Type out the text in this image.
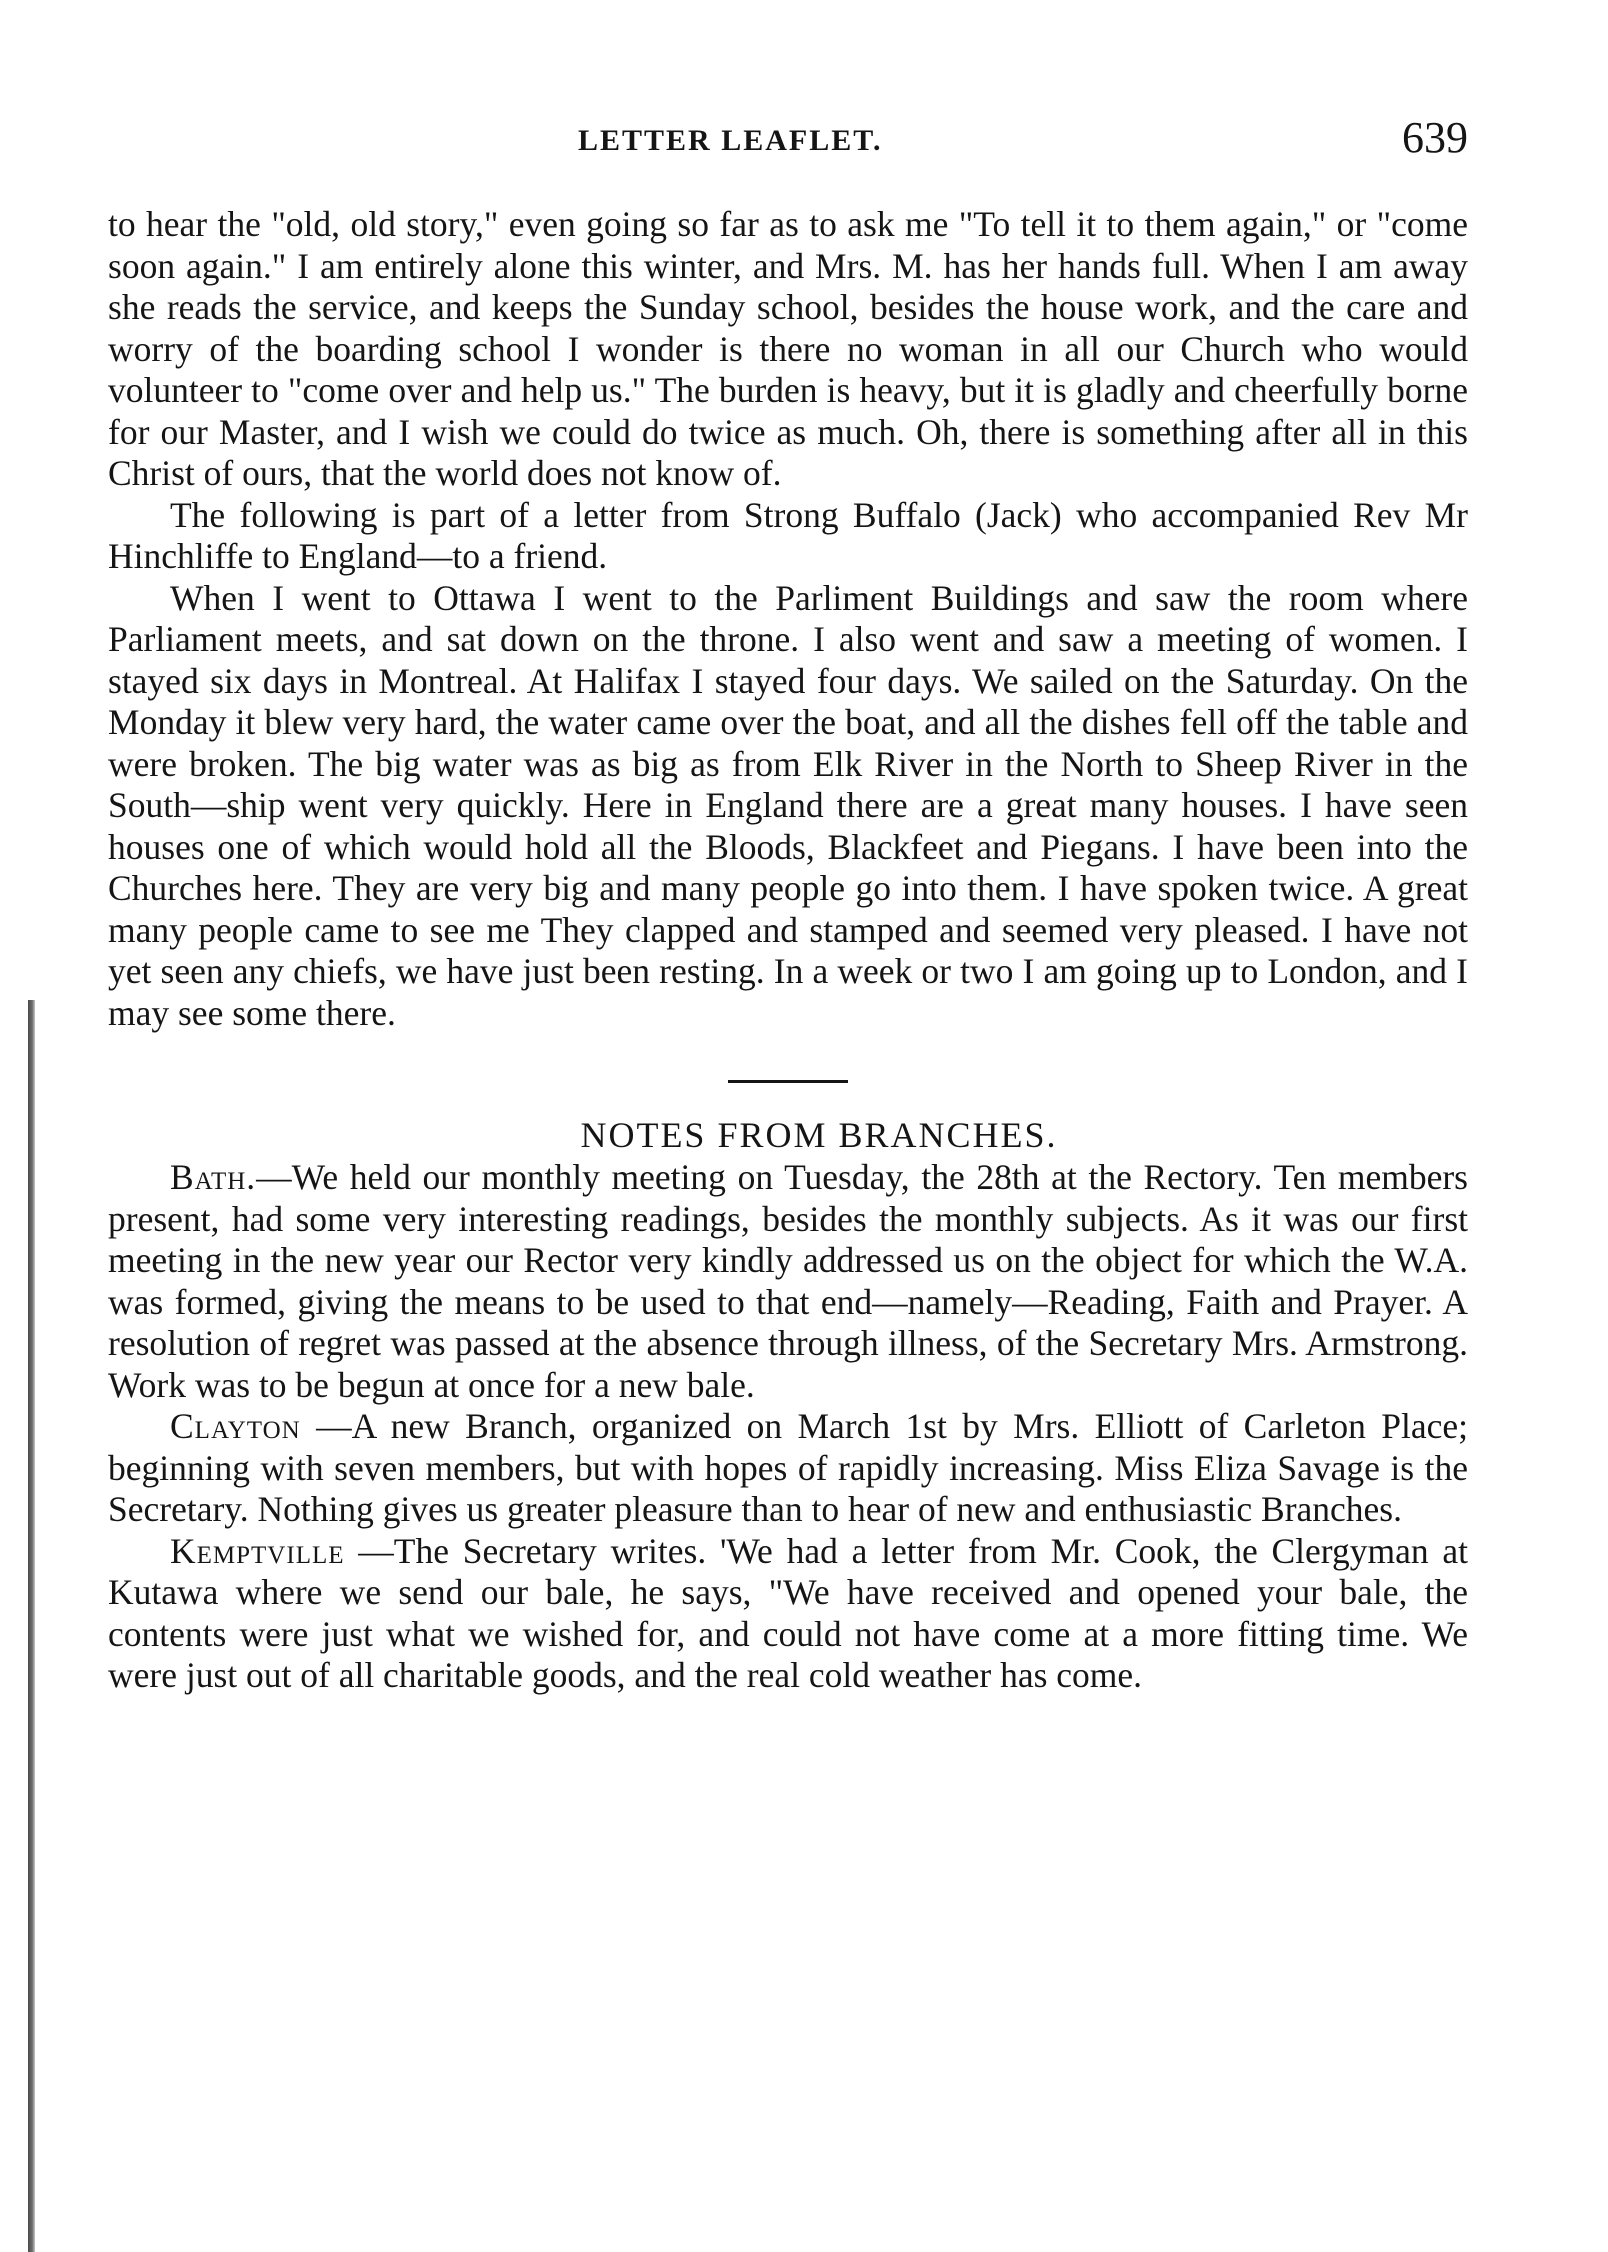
LETTER LEAFLET.	639

to hear the "old, old story," even going so far as to ask me "To tell it to them again," or "come soon again." I am entirely alone this winter, and Mrs. M. has her hands full. When I am away she reads the service, and keeps the Sunday school, besides the house work, and the care and worry of the boarding school I wonder is there no woman in all our Church who would volunteer to "come over and help us." The burden is heavy, but it is gladly and cheerfully borne for our Master, and I wish we could do twice as much. Oh, there is something after all in this Christ of ours, that the world does not know of.

The following is part of a letter from Strong Buffalo (Jack) who accompanied Rev Mr Hinchliffe to England—to a friend.

When I went to Ottawa I went to the Parliment Buildings and saw the room where Parliament meets, and sat down on the throne. I also went and saw a meeting of women. I stayed six days in Montreal. At Halifax I stayed four days. We sailed on the Saturday. On the Monday it blew very hard, the water came over the boat, and all the dishes fell off the table and were broken. The big water was as big as from Elk River in the North to Sheep River in the South—ship went very quickly. Here in England there are a great many houses. I have seen houses one of which would hold all the Bloods, Blackfeet and Piegans. I have been into the Churches here. They are very big and many people go into them. I have spoken twice. A great many people came to see me They clapped and stamped and seemed very pleased. I have not yet seen any chiefs, we have just been resting. In a week or two I am going up to London, and I may see some there.

NOTES FROM BRANCHES.

Bath.—We held our monthly meeting on Tuesday, the 28th at the Rectory. Ten members present, had some very interesting readings, besides the monthly subjects. As it was our first meeting in the new year our Rector very kindly addressed us on the object for which the W.A. was formed, giving the means to be used to that end—namely—Reading, Faith and Prayer. A resolution of regret was passed at the absence through illness, of the Secretary Mrs. Armstrong. Work was to be begun at once for a new bale.

Clayton —A new Branch, organized on March 1st by Mrs. Elliott of Carleton Place; beginning with seven members, but with hopes of rapidly increasing. Miss Eliza Savage is the Secretary. Nothing gives us greater pleasure than to hear of new and enthusiastic Branches.

Kemptville —The Secretary writes. 'We had a letter from Mr. Cook, the Clergyman at Kutawa where we send our bale, he says, "We have received and opened your bale, the contents were just what we wished for, and could not have come at a more fitting time. We were just out of all charitable goods, and the real cold weather has come.
